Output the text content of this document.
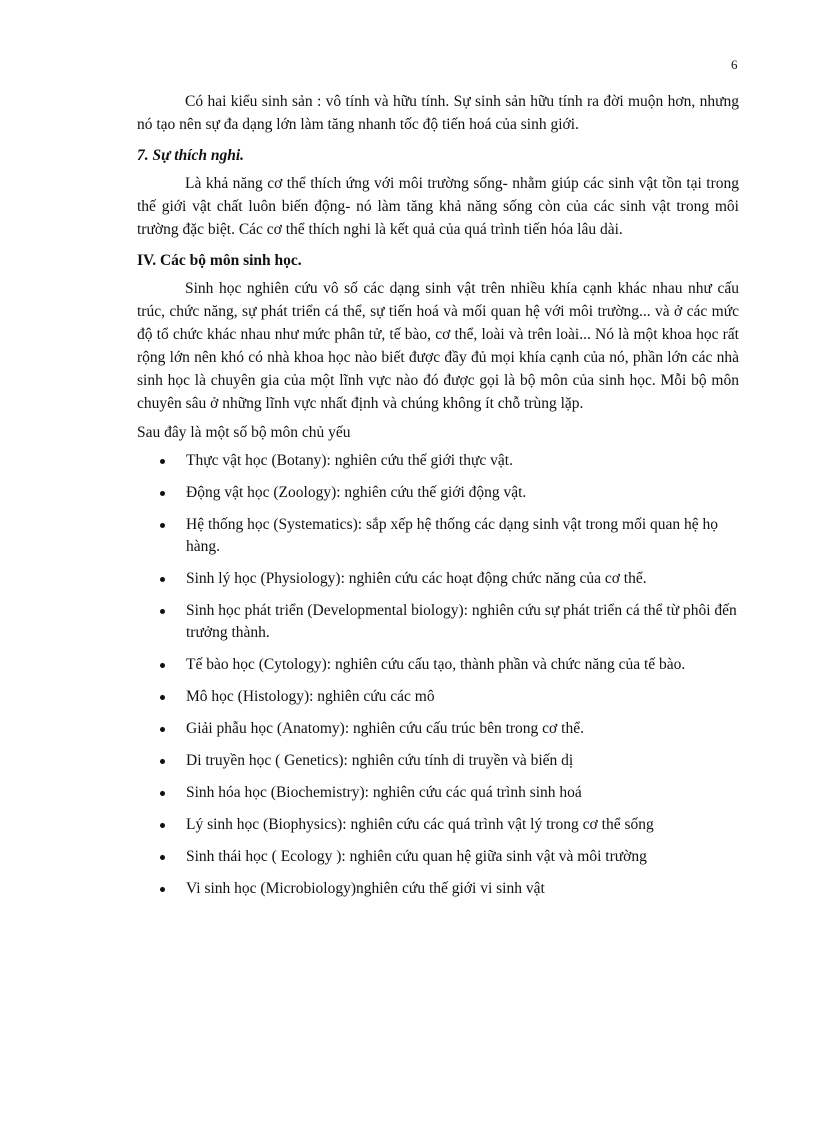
6

Có hai kiểu sinh sản : vô tính và hữu tính. Sự sinh sản hữu tính ra đời muộn hơn, nhưng nó tạo nên sự đa dạng lớn làm tăng nhanh tốc độ tiến hoá của sinh giới.

7. Sự thích nghi.

Là khả năng cơ thể thích ứng với môi trường sống- nhằm giúp các sinh vật tồn tại trong thế giới vật chất luôn biến động- nó làm tăng khả năng sống còn của các sinh vật trong môi trường đặc biệt. Các cơ thể thích nghi là kết quả của quá trình tiến hóa lâu dài.

IV. Các bộ môn sinh học.

Sinh học nghiên cứu vô số các dạng sinh vật trên nhiều khía cạnh khác nhau như cấu trúc, chức năng, sự phát triển cá thể, sự tiến hoá và mối quan hệ với môi trường... và ở các mức độ tổ chức khác nhau như mức phân tử, tế bào, cơ thể, loài và trên loài... Nó là một khoa học rất rộng lớn nên khó có nhà khoa học nào biết được đầy đủ mọi khía cạnh của nó, phần lớn các nhà sinh học là chuyên gia của một lĩnh vực nào đó được gọi là bộ môn của sinh học. Mỗi bộ môn chuyên sâu ở những lĩnh vực nhất định và chúng không ít chỗ trùng lặp.

Sau đây là một số bộ môn chủ yếu

Thực vật học (Botany): nghiên cứu thế giới thực vật.
Động vật học (Zoology): nghiên cứu thế giới động vật.
Hệ thống học (Systematics): sắp xếp hệ thống các dạng sinh vật trong mối quan hệ họ hàng.
Sinh lý học (Physiology): nghiên cứu các hoạt động chức năng của cơ thể.
Sinh học phát triển (Developmental biology): nghiên cứu sự phát triển cá thể từ phôi đến trưởng thành.
Tế bào học (Cytology): nghiên cứu cấu tạo, thành phần và chức năng của tế bào.
Mô học (Histology): nghiên cứu các mô
Giải phẫu học (Anatomy): nghiên cứu cấu trúc bên trong cơ thể.
Di truyền học ( Genetics): nghiên cứu tính di truyền và biến dị
Sinh hóa học (Biochemistry): nghiên cứu các quá trình sinh hoá
Lý sinh học (Biophysics): nghiên cứu các quá trình vật lý trong cơ thể sống
Sinh thái học ( Ecology ): nghiên cứu quan hệ giữa sinh vật và môi trường
Vi sinh học (Microbiology)nghiên cứu thế giới vi sinh vật
